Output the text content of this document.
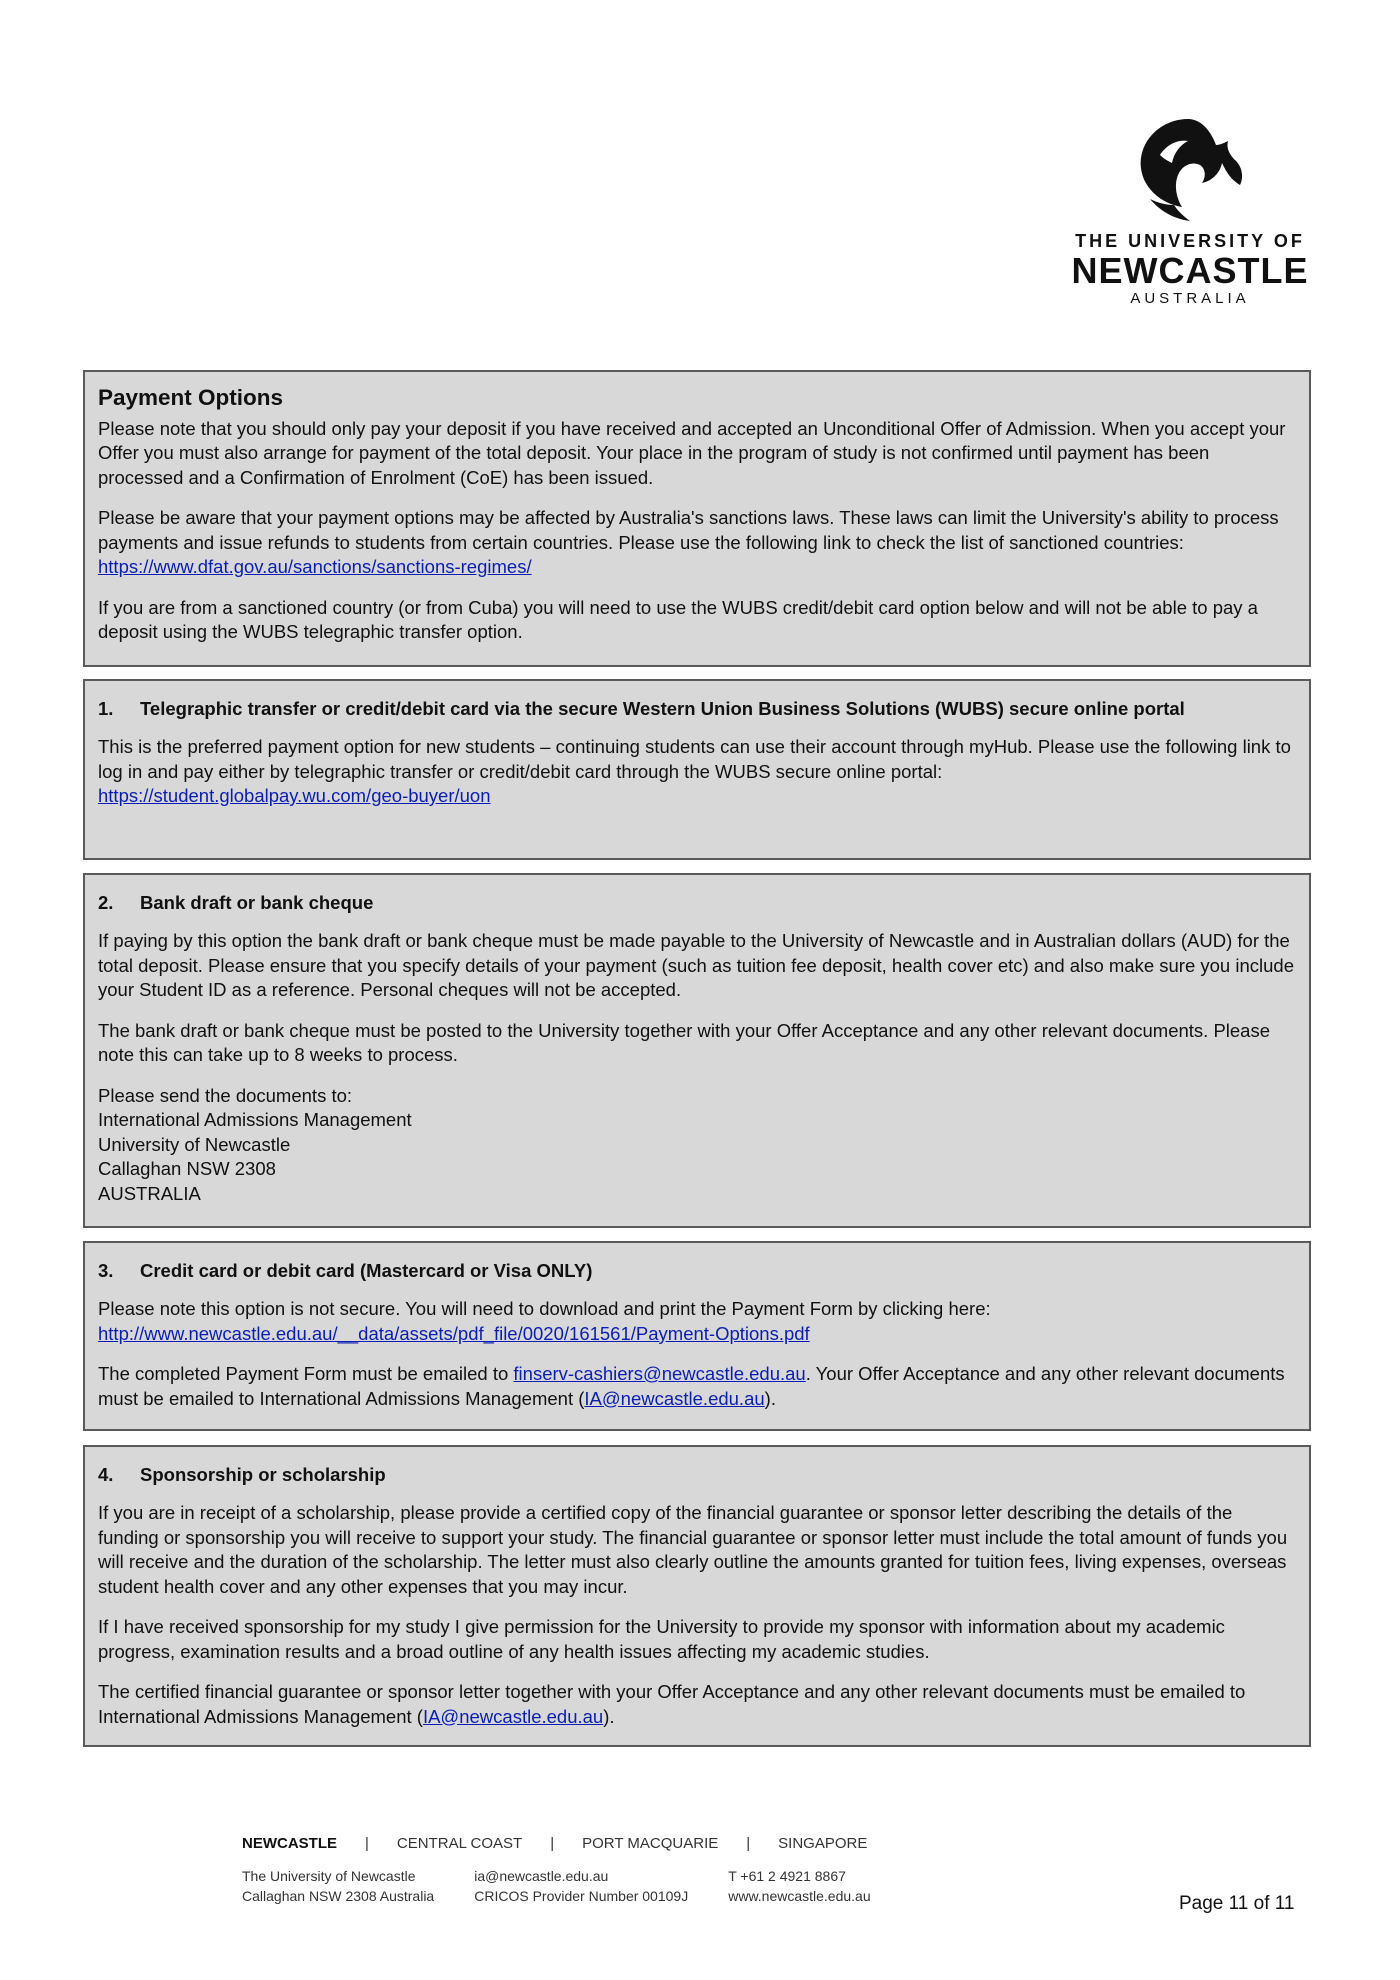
THE UNIVERSITY OF
NEWCASTLE
AUSTRALIA
Payment Options

Please note that you should only pay your deposit if you have received and accepted an Unconditional Offer of Admission. When you accept your Offer you must also arrange for payment of the total deposit. Your place in the program of study is not confirmed until payment has been processed and a Confirmation of Enrolment (CoE) has been issued.

Please be aware that your payment options may be affected by Australia's sanctions laws. These laws can limit the University's ability to process payments and issue refunds to students from certain countries. Please use the following link to check the list of sanctioned countries: https://www.dfat.gov.au/sanctions/sanctions-regimes/

If you are from a sanctioned country (or from Cuba) you will need to use the WUBS credit/debit card option below and will not be able to pay a deposit using the WUBS telegraphic transfer option.

1.	Telegraphic transfer or credit/debit card via the secure Western Union Business Solutions (WUBS) secure online portal

This is the preferred payment option for new students – continuing students can use their account through myHub. Please use the following link to log in and pay either by telegraphic transfer or credit/debit card through the WUBS secure online portal:
https://student.globalpay.wu.com/geo-buyer/uon

2.	Bank draft or bank cheque

If paying by this option the bank draft or bank cheque must be made payable to the University of Newcastle and in Australian dollars (AUD) for the total deposit. Please ensure that you specify details of your payment (such as tuition fee deposit, health cover etc) and also make sure you include your Student ID as a reference. Personal cheques will not be accepted.

The bank draft or bank cheque must be posted to the University together with your Offer Acceptance and any other relevant documents. Please note this can take up to 8 weeks to process.

Please send the documents to:

International Admissions Management

University of Newcastle

Callaghan NSW 2308

AUSTRALIA

3.	Credit card or debit card (Mastercard or Visa ONLY)

Please note this option is not secure. You will need to download and print the Payment Form by clicking here:
http://www.newcastle.edu.au/__data/assets/pdf_file/0020/161561/Payment-Options.pdf

The completed Payment Form must be emailed to finserv-cashiers@newcastle.edu.au. Your Offer Acceptance and any other relevant documents must be emailed to International Admissions Management (IA@newcastle.edu.au).

4.	Sponsorship or scholarship

If you are in receipt of a scholarship, please provide a certified copy of the financial guarantee or sponsor letter describing the details of the funding or sponsorship you will receive to support your study. The financial guarantee or sponsor letter must include the total amount of funds you will receive and the duration of the scholarship. The letter must also clearly outline the amounts granted for tuition fees, living expenses, overseas student health cover and any other expenses that you may incur.

If I have received sponsorship for my study I give permission for the University to provide my sponsor with information about my academic progress, examination results and a broad outline of any health issues affecting my academic studies.

The certified financial guarantee or sponsor letter together with your Offer Acceptance and any other relevant documents must be emailed to International Admissions Management (IA@newcastle.edu.au).

NEWCASTLE | CENTRAL COAST | PORT MACQUARIE | SINGAPORE
The University of Newcastle
Callaghan NSW 2308 Australia
ia@newcastle.edu.au
CRICOS Provider Number 00109J
T +61 2 4921 8867
www.newcastle.edu.au	Page 11 of 11
